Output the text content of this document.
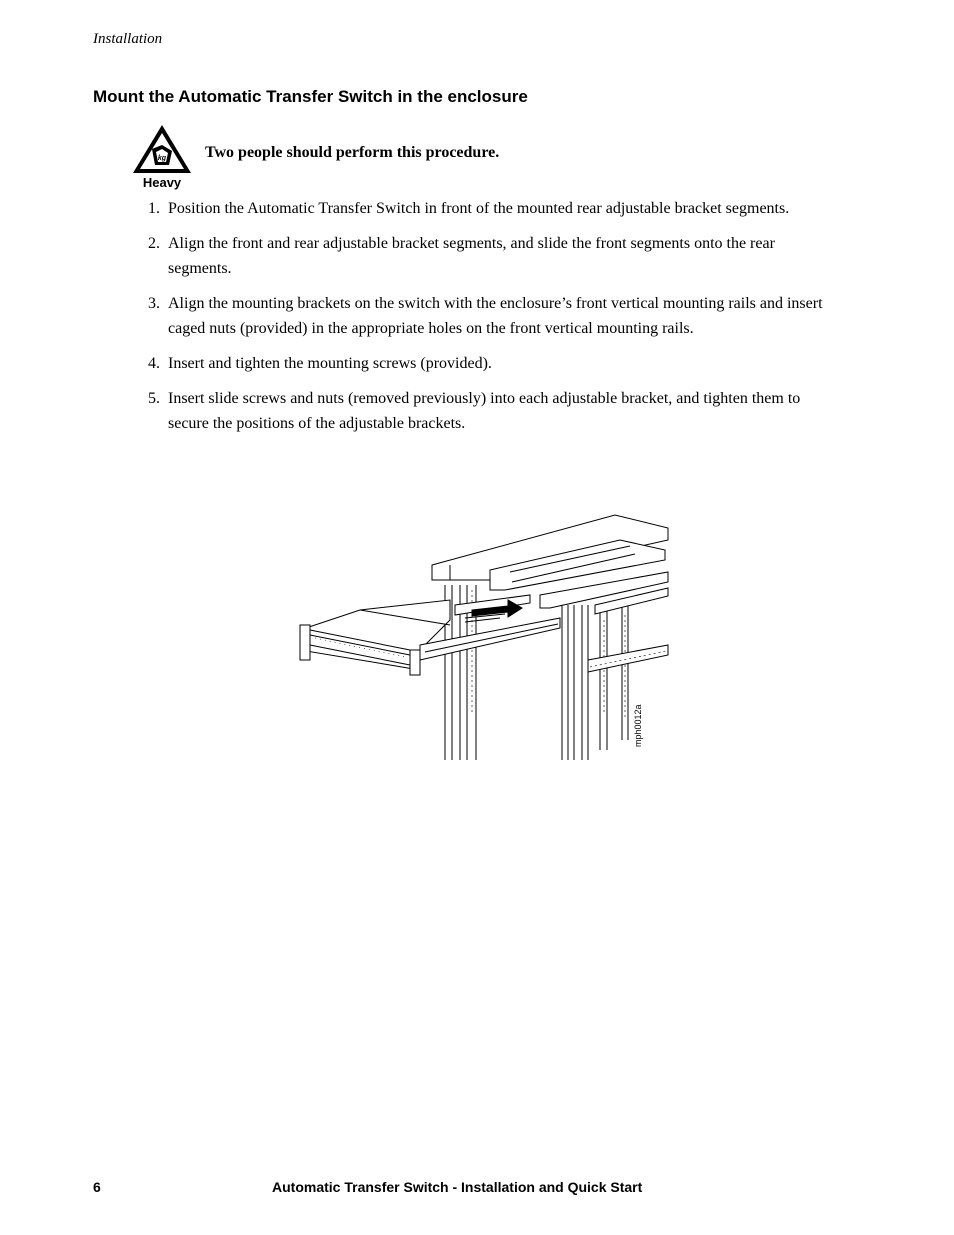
Installation
Mount the Automatic Transfer Switch in the enclosure
kg
Heavy
Two people should perform this procedure.
1. Position the Automatic Transfer Switch in front of the mounted rear adjustable bracket segments.
2. Align the front and rear adjustable bracket segments, and slide the front segments onto the rear segments.
3. Align the mounting brackets on the switch with the enclosure’s front vertical mounting rails and insert caged nuts (provided) in the appropriate holes on the front vertical mounting rails.
4. Insert and tighten the mounting screws (provided).
5. Insert slide screws and nuts (removed previously) into each adjustable bracket, and tighten them to secure the positions of the adjustable brackets.
mph0012a
6	Automatic Transfer Switch - Installation and Quick Start
